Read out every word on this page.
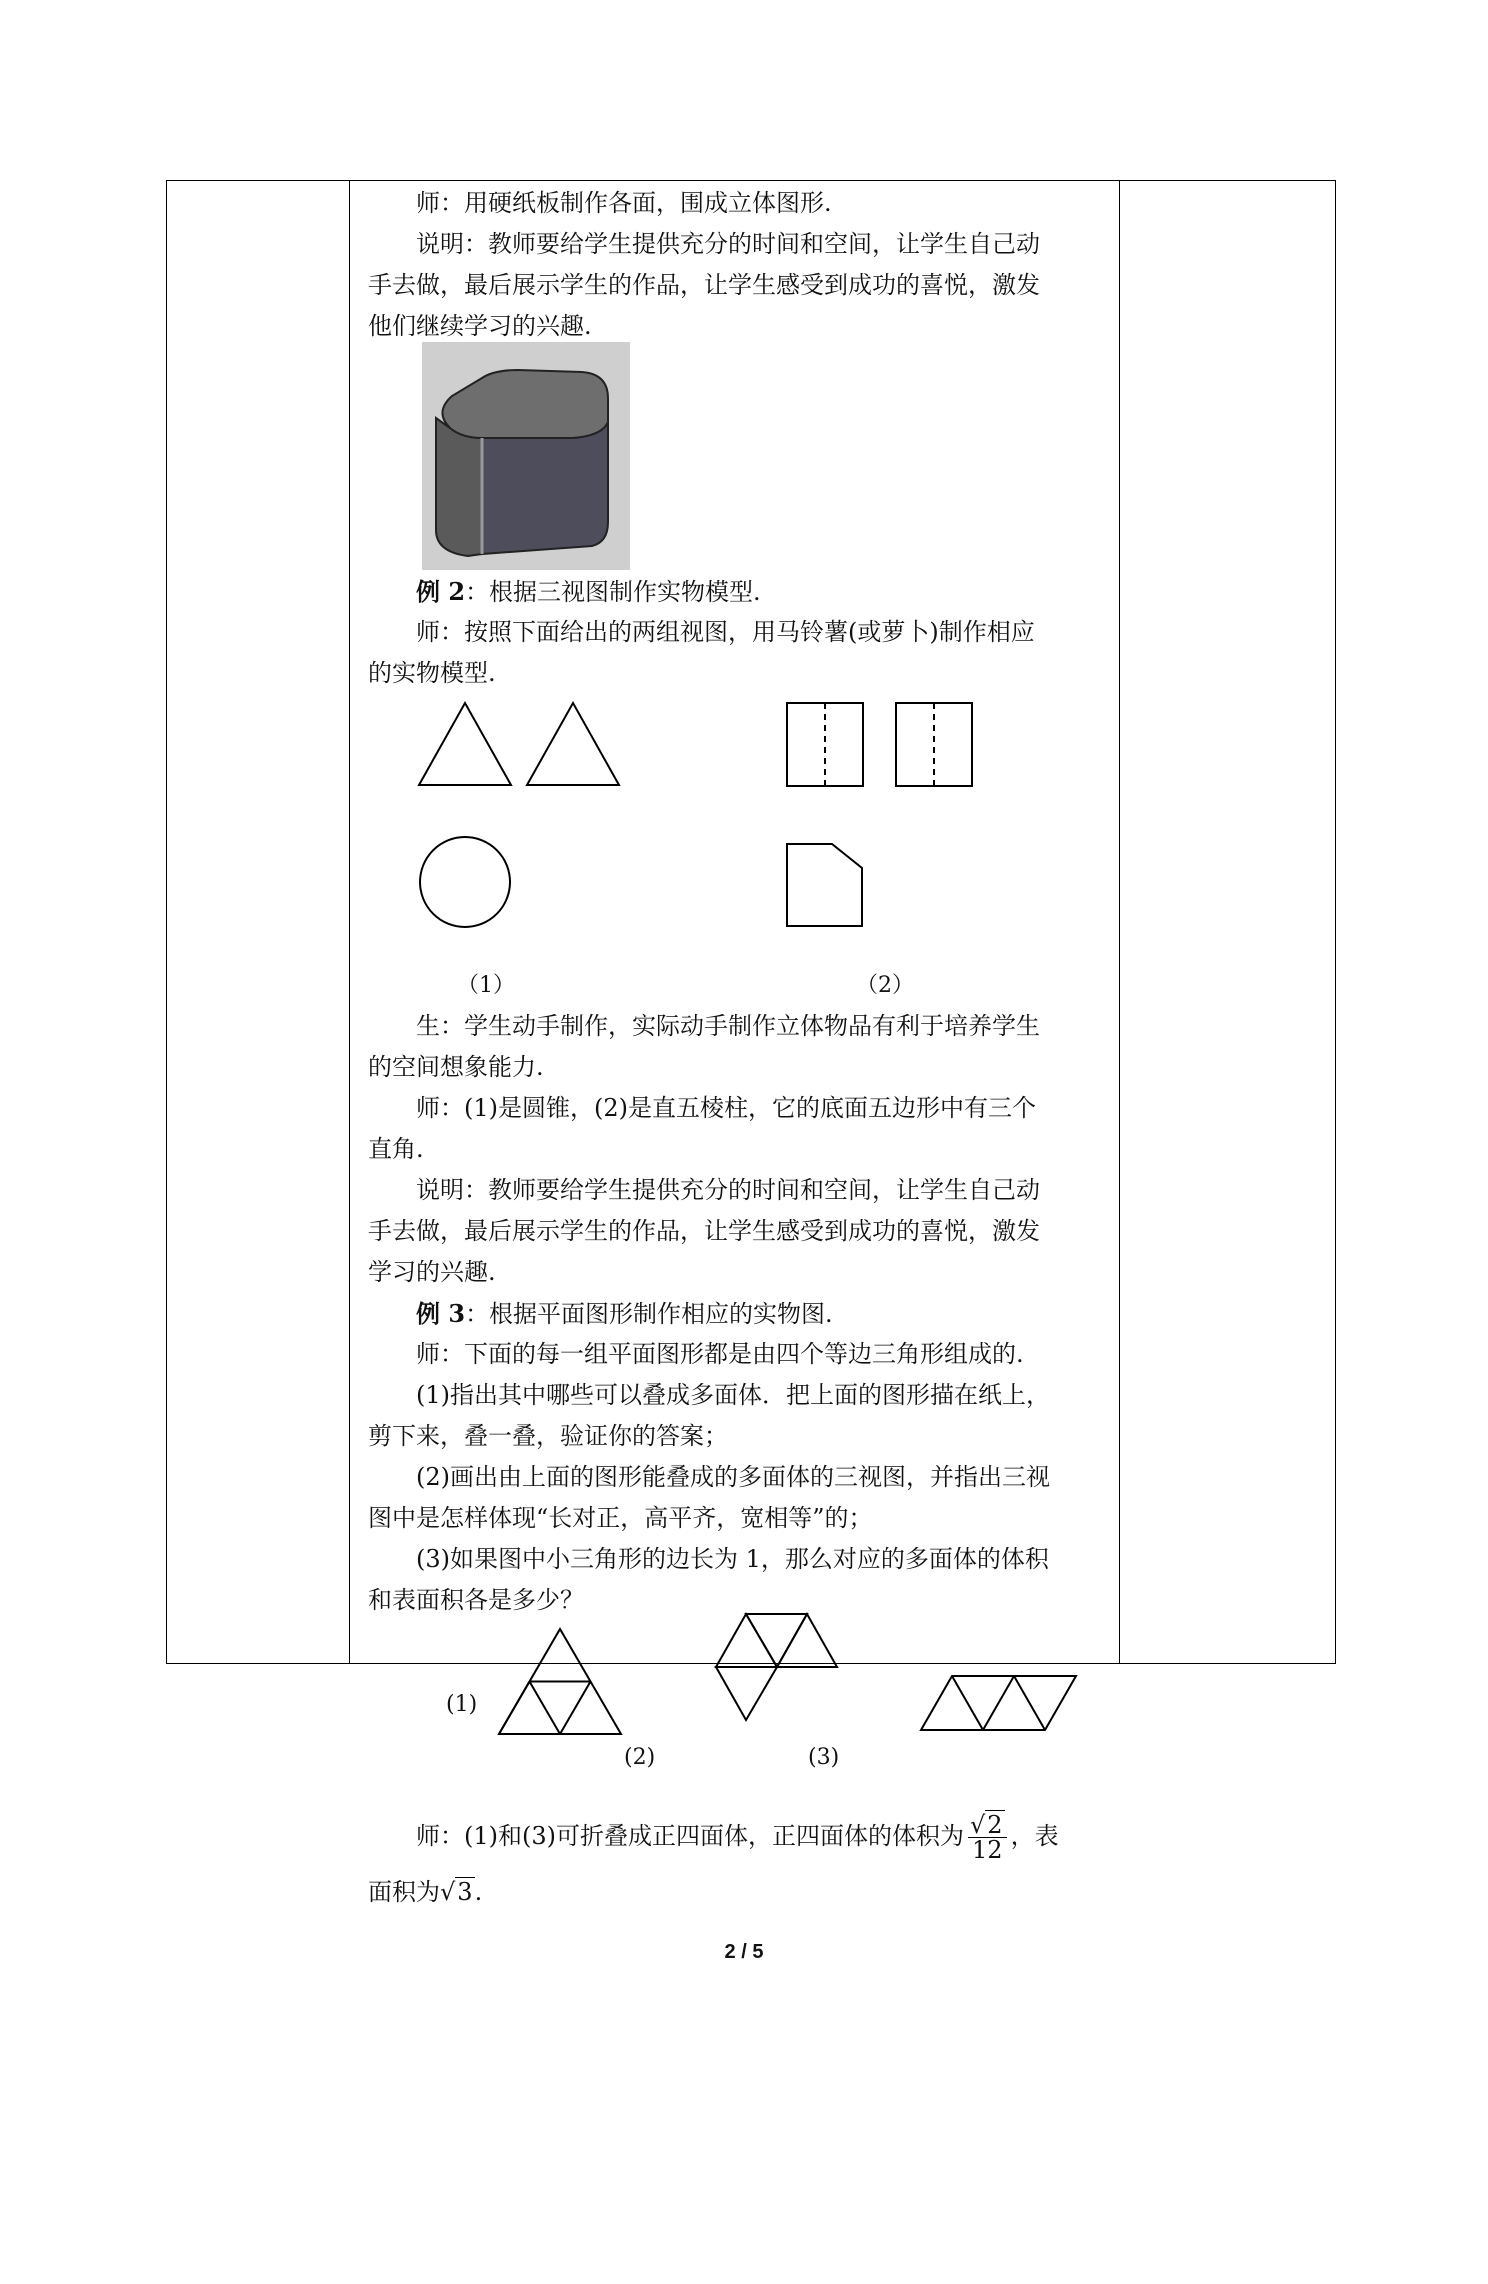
师：用硬纸板制作各面，围成立体图形.
说明：教师要给学生提供充分的时间和空间，让学生自己动
手去做，最后展示学生的作品，让学生感受到成功的喜悦，激发
他们继续学习的兴趣.
例 2：根据三视图制作实物模型.
师：按照下面给出的两组视图，用马铃薯(或萝卜)制作相应
的实物模型.
（1）	（2）
生：学生动手制作，实际动手制作立体物品有利于培养学生
的空间想象能力.
师：(1)是圆锥，(2)是直五棱柱，它的底面五边形中有三个
直角.
说明：教师要给学生提供充分的时间和空间，让学生自己动
手去做，最后展示学生的作品，让学生感受到成功的喜悦，激发
学习的兴趣.
例 3：根据平面图形制作相应的实物图.
师：下面的每一组平面图形都是由四个等边三角形组成的.
(1)指出其中哪些可以叠成多面体．把上面的图形描在纸上，
剪下来，叠一叠，验证你的答案；
(2)画出由上面的图形能叠成的多面体的三视图，并指出三视
图中是怎样体现“长对正，高平齐，宽相等”的；
(3)如果图中小三角形的边长为 1，那么对应的多面体的体积
和表面积各是多少？
(1)
(2)	(3)
师：(1)和(3)可折叠成正四面体，正四面体的体积为 $\frac{√2}{12}$ ，表
面积为√3.
2 / 5
